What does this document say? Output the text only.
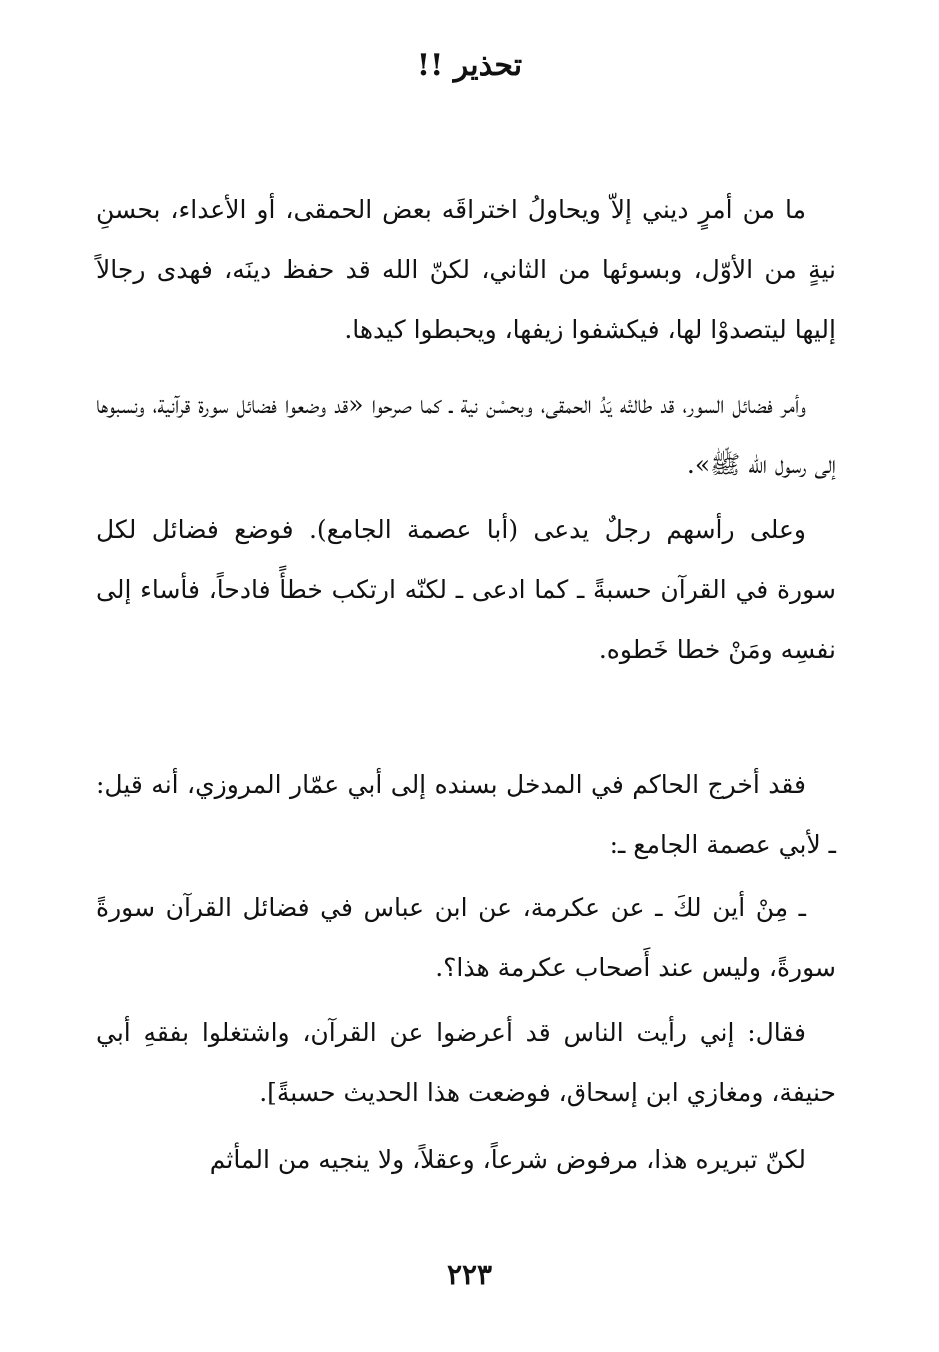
تحذير !!

ما من أمرٍ ديني إلاّ ويحاولُ اختراقَه بعض الحمقى، أو الأعداء، بحسنِ نيةٍ من الأوّل، وبسوئها من الثاني، لكنّ الله قد حفظ دينَه، فهدى رجالاً إليها ليتصدوْا لها، فيكشفوا زيفها، ويحبطوا كيدها.

وأمر فضائل السور، قد طالتْه يَدُ الحمقى، وبحسْن نية ـ كما صرحوا «قد وضعوا فضائل سورة قرآنية، ونسبوها إلى رسول الله ﷺ».

وعلى رأسهم رجلٌ يدعى (أبا عصمة الجامع). فوضع فضائل لكل سورة في القرآن حسبةً ـ كما ادعى ـ لكنّه ارتكب خطأً فادحاً، فأساء إلى نفسِه ومَنْ خطا خَطوه.

فقد أخرج الحاكم في المدخل بسنده إلى أبي عمّار المروزي، أنه قيل: ـ لأبي عصمة الجامع ـ:

ـ مِنْ أين لكَ ـ عن عكرمة، عن ابن عباس في فضائل القرآن سورةً سورةً، وليس عند أَصحاب عكرمة هذا؟.

فقال: إني رأيت الناس قد أعرضوا عن القرآن، واشتغلوا بفقهِ أبي حنيفة، ومغازي ابن إسحاق، فوضعت هذا الحديث حسبةً].

لكنّ تبريره هذا، مرفوض شرعاً، وعقلاً، ولا ينجيه من المأثم

٢٢٣
